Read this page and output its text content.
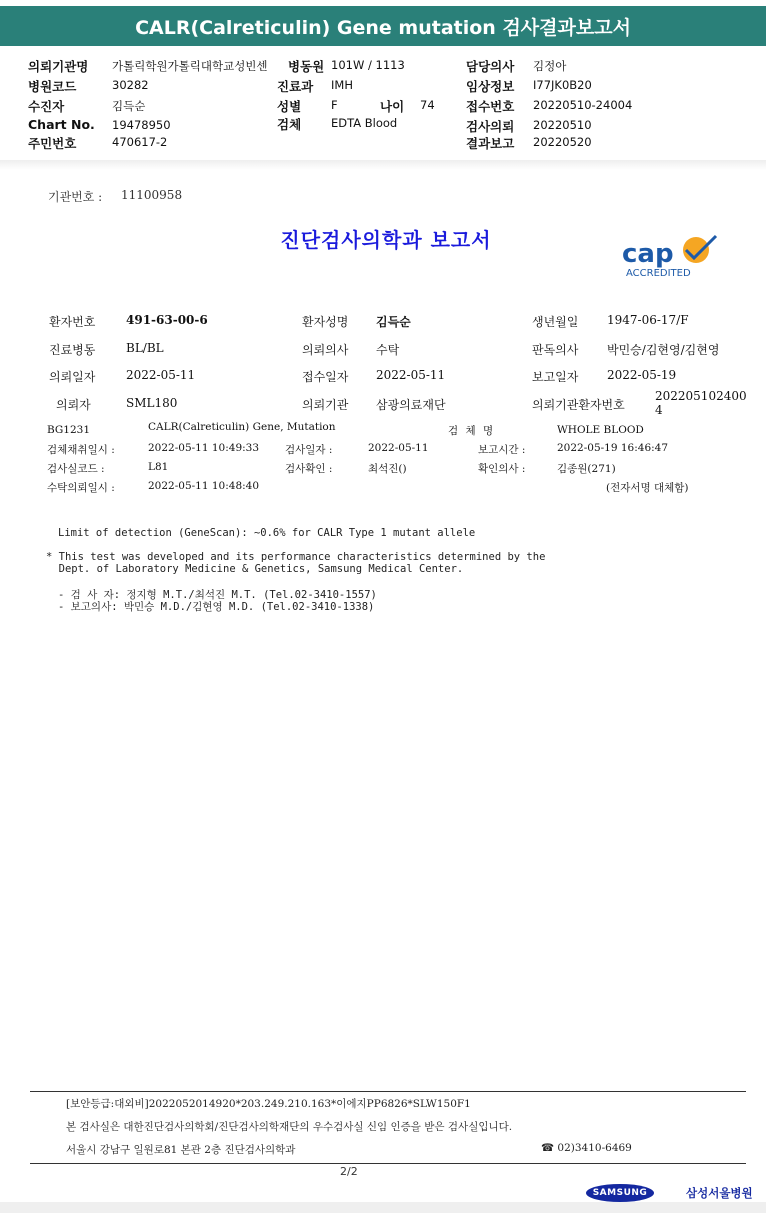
CALR(Calreticulin) Gene mutation 검사결과보고서
의뢰기관명 가톨릭학원가톨릭대학교성빈센 병동원 101W / 1113	담당의사 김정아
병원코드	30282	진료과 IMH	임상정보 I77JK0B20
수진자	김득순	성별	F	나이 74	접수번호 20220510-24004
Chart No. 19478950	검체	EDTA Blood	검사의뢰 20220510
주민번호	470617-2	결과보고 20220520
기관번호 : 11100958
진단검사의학과 보고서	cap
ACCREDITED
환자번호	491-63-00-6	환자성명 김득순	생년월일 1947-06-17/F
진료병동	BL/BL	의뢰의사 수탁	판독의사 박민승/김현영/김현영
의뢰일자	2022-05-11	접수일자 2022-05-11	보고일자 2022-05-19
의뢰자	SML180	의뢰기관 삼광의료재단	의뢰기관환자번호
202205102400
4
BG1231	CALR(Calreticulin) Gene, Mutation	검 체 명	WHOLE BLOOD
검체채취일시 :	2022-05-11 10:49:33 검사일자 :	2022-05-11	보고시간 :	2022-05-19 16:46:47
검사실코드 :	L81	검사확인 :	최석진()	확인의사 :	김종원(271)
수탁의뢰일시 :	2022-05-11 10:48:40	(전자서명 대체함)
Limit of detection (GeneScan): ~0.6% for CALR Type 1 mutant allele
* This test was developed and its performance characteristics determined by the
Dept. of Laboratory Medicine & Genetics, Samsung Medical Center.
- 검 사 자: 정지형 M.T./최석진 M.T. (Tel.02-3410-1557)
- 보고의사: 박민승 M.D./김현영 M.D. (Tel.02-3410-1338)
[보안등급:대외비]2022052014920*203.249.210.163*이에지PP6826*SLW150F1
본 검사실은 대한진단검사의학회/진단검사의학재단의 우수검사실 신임 인증을 받은 검사실입니다.
서울시 강남구 일원로81 본관 2층 진단검사의학과	☎ 02)3410-6469
2/2
SAMSUNG	삼성서울병원
